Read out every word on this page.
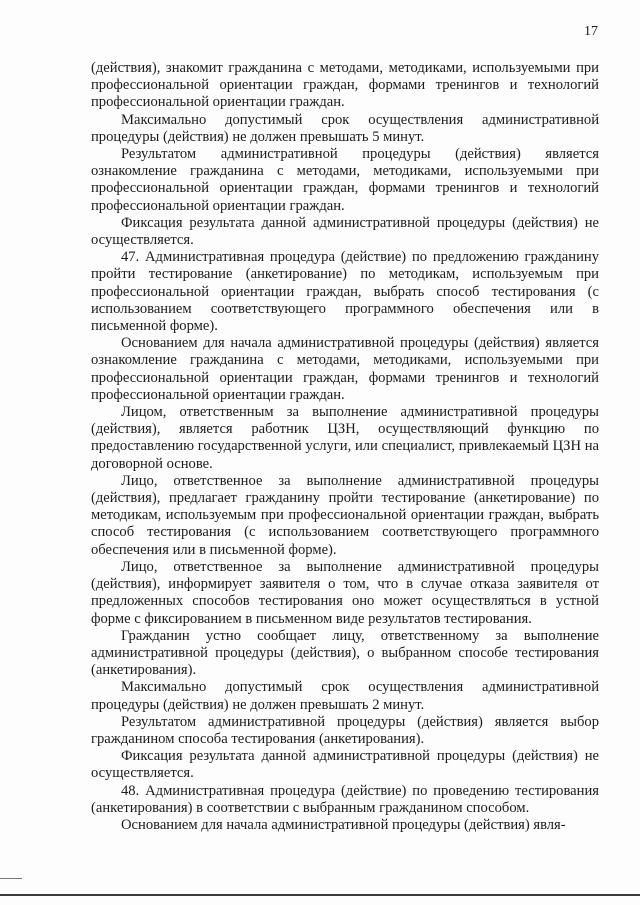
17

(действия), знакомит гражданина с методами, методиками, используемыми при профессиональной ориентации граждан, формами тренингов и технологий профессиональной ориентации граждан.

Максимально допустимый срок осуществления административной процедуры (действия) не должен превышать 5 минут.

Результатом административной процедуры (действия) является ознакомление гражданина с методами, методиками, используемыми при профессиональной ориентации граждан, формами тренингов и технологий профессиональной ориентации граждан.

Фиксация результата данной административной процедуры (действия) не осуществляется.

47. Административная процедура (действие) по предложению гражданину пройти тестирование (анкетирование) по методикам, используемым при профессиональной ориентации граждан, выбрать способ тестирования (с использованием соответствующего программного обеспечения или в письменной форме).

Основанием для начала административной процедуры (действия) является ознакомление гражданина с методами, методиками, используемыми при профессиональной ориентации граждан, формами тренингов и технологий профессиональной ориентации граждан.

Лицом, ответственным за выполнение административной процедуры (действия), является работник ЦЗН, осуществляющий функцию по предоставлению государственной услуги, или специалист, привлекаемый ЦЗН на договорной основе.

Лицо, ответственное за выполнение административной процедуры (действия), предлагает гражданину пройти тестирование (анкетирование) по методикам, используемым при профессиональной ориентации граждан, выбрать способ тестирования (с использованием соответствующего программного обеспечения или в письменной форме).

Лицо, ответственное за выполнение административной процедуры (действия), информирует заявителя о том, что в случае отказа заявителя от предложенных способов тестирования оно может осуществляться в устной форме с фиксированием в письменном виде результатов тестирования.

Гражданин устно сообщает лицу, ответственному за выполнение административной процедуры (действия), о выбранном способе тестирования (анкетирования).

Максимально допустимый срок осуществления административной процедуры (действия) не должен превышать 2 минут.

Результатом административной процедуры (действия) является выбор гражданином способа тестирования (анкетирования).

Фиксация результата данной административной процедуры (действия) не осуществляется.

48. Административная процедура (действие) по проведению тестирования (анкетирования) в соответствии с выбранным гражданином способом.

Основанием для начала административной процедуры (действия) явля-
